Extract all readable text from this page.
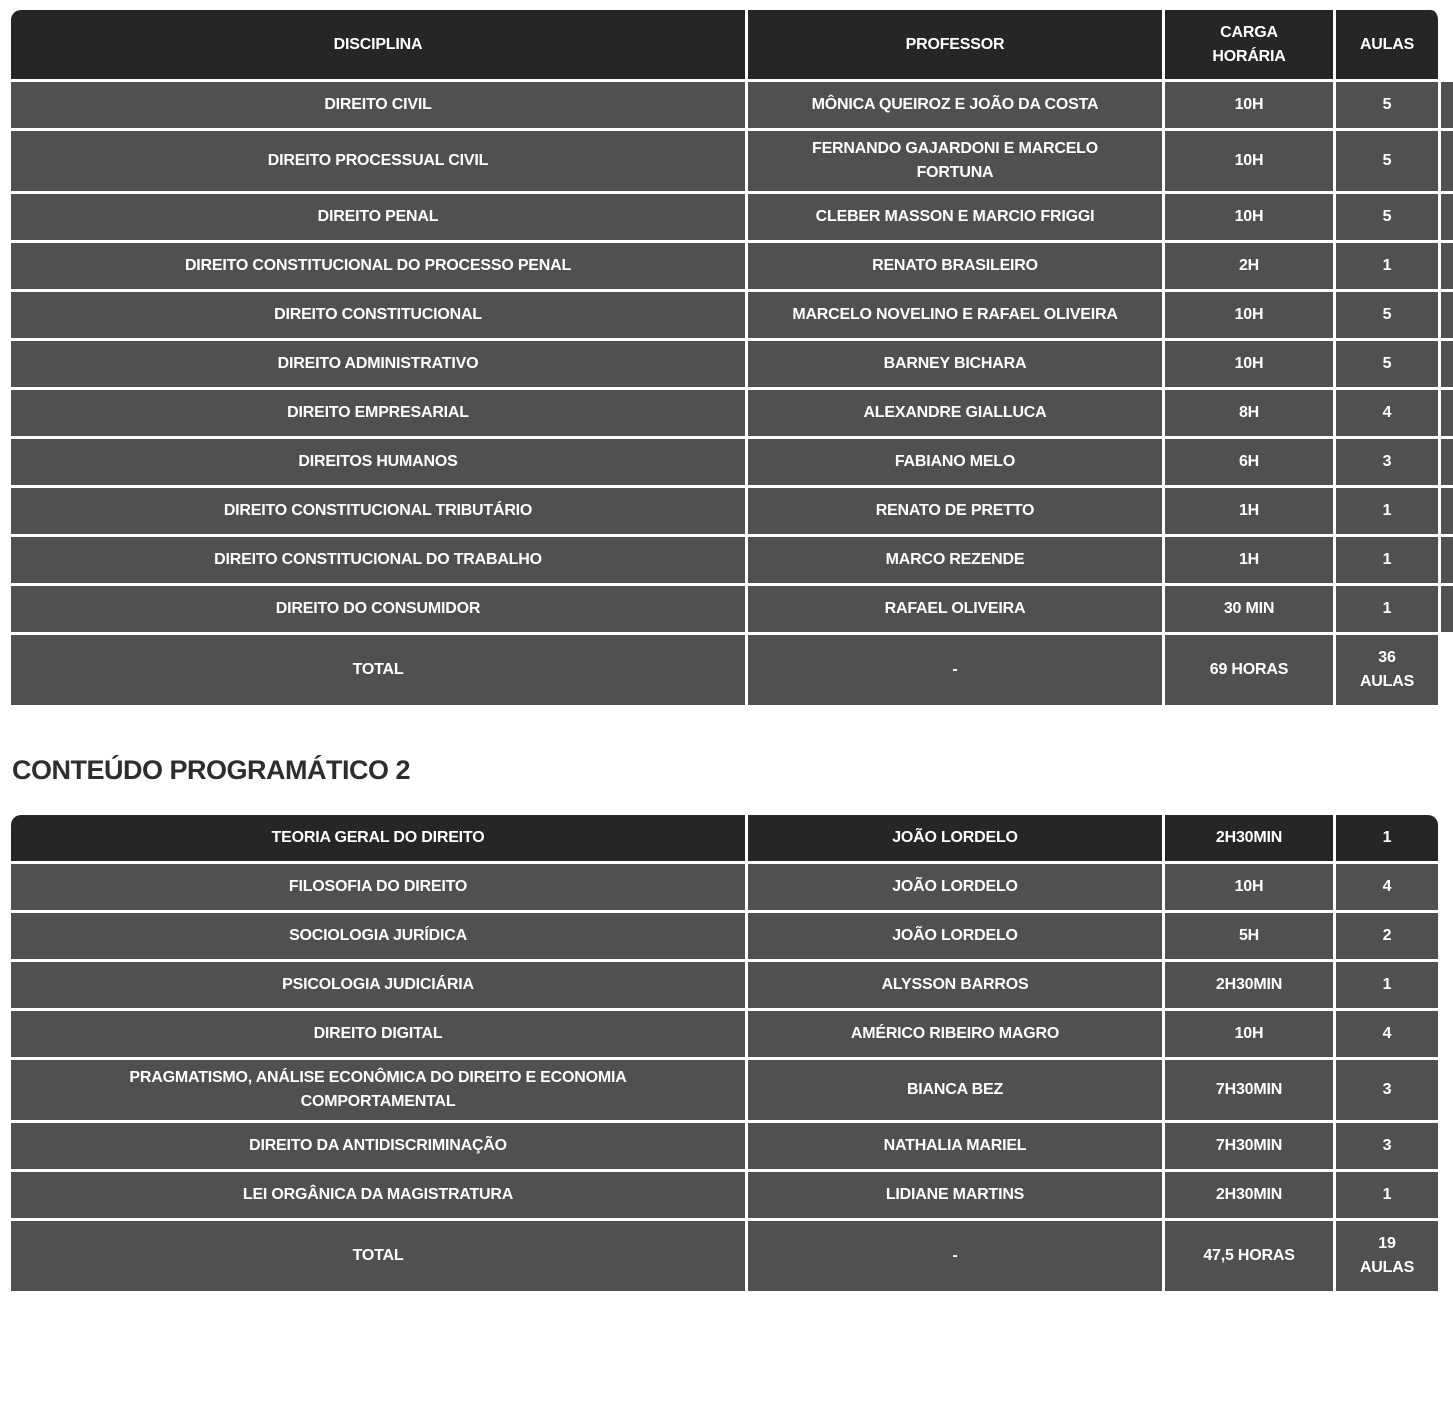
DISCIPLINA	PROFESSOR	CARGA HORÁRIA	AULAS	
DIREITO CIVIL	MÔNICA QUEIROZ E JOÃO DA COSTA	10H	5	
DIREITO PROCESSUAL CIVIL	FERNANDO GAJARDONI E MARCELO FORTUNA	10H	5	
DIREITO PENAL	CLEBER MASSON E MARCIO FRIGGI	10H	5	
DIREITO CONSTITUCIONAL DO PROCESSO PENAL	RENATO BRASILEIRO	2H	1	
DIREITO CONSTITUCIONAL	MARCELO NOVELINO E RAFAEL OLIVEIRA	10H	5	
DIREITO ADMINISTRATIVO	BARNEY BICHARA	10H	5	
DIREITO EMPRESARIAL	ALEXANDRE GIALLUCA	8H	4	
DIREITOS HUMANOS	FABIANO MELO	6H	3	
DIREITO CONSTITUCIONAL TRIBUTÁRIO	RENATO DE PRETTO	1H	1	
DIREITO CONSTITUCIONAL DO TRABALHO	MARCO REZENDE	1H	1	
DIREITO DO CONSUMIDOR	RAFAEL OLIVEIRA	30 MIN	1	
TOTAL	-	69 HORAS	36 AULAS	
CONTEÚDO PROGRAMÁTICO 2
TEORIA GERAL DO DIREITO	JOÃO LORDELO	2H30MIN	1
FILOSOFIA DO DIREITO	JOÃO LORDELO	10H	4
SOCIOLOGIA JURÍDICA	JOÃO LORDELO	5H	2
PSICOLOGIA JUDICIÁRIA	ALYSSON BARROS	2H30MIN	1
DIREITO DIGITAL	AMÉRICO RIBEIRO MAGRO	10H	4
PRAGMATISMO, ANÁLISE ECONÔMICA DO DIREITO E ECONOMIA COMPORTAMENTAL	BIANCA BEZ	7H30MIN	3
DIREITO DA ANTIDISCRIMINAÇÃO	NATHALIA MARIEL	7H30MIN	3
LEI ORGÂNICA DA MAGISTRATURA	LIDIANE MARTINS	2H30MIN	1
TOTAL	-	47,5 HORAS	19 AULAS
